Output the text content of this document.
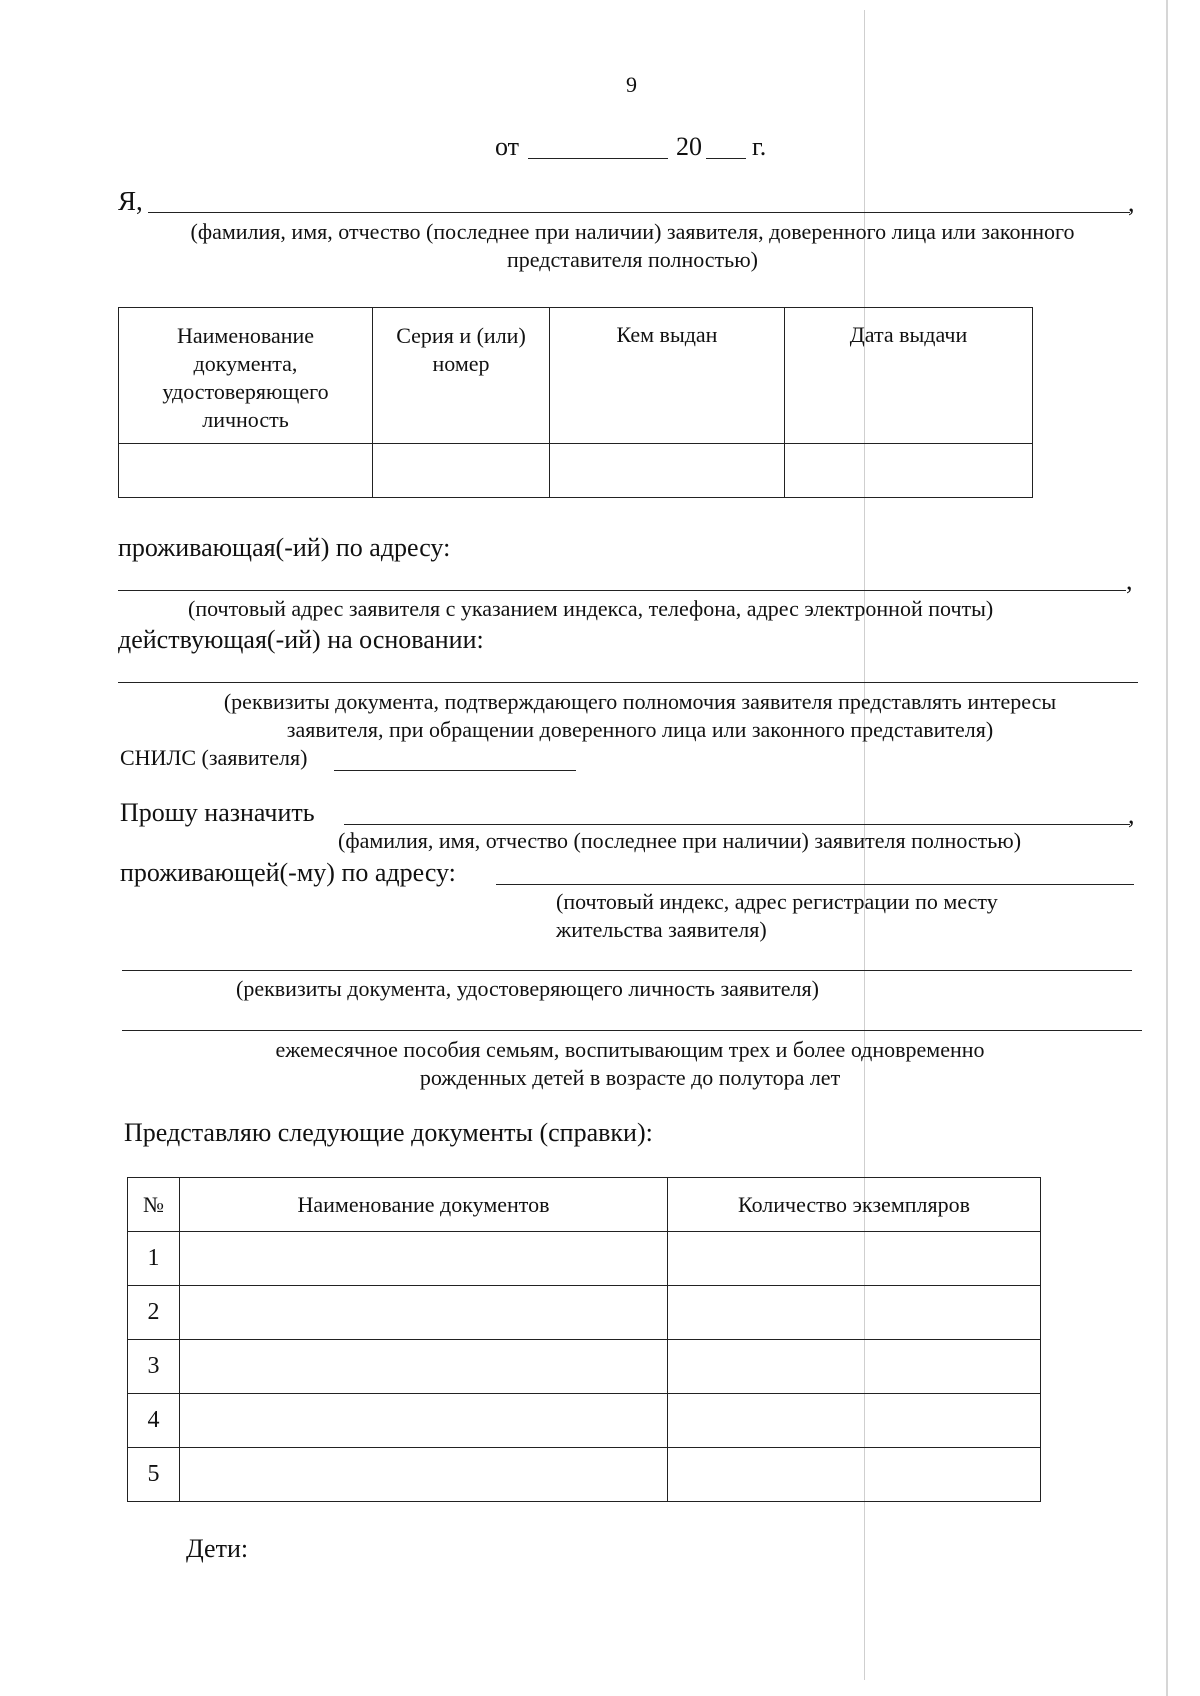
9
от	20 г.
Я,	,
(фамилия, имя, отчество (последнее при наличии) заявителя, доверенного лица или законного
представителя полностью)
Наименование документа, удостоверяющего личность	Серия и (или) номер	Кем выдан	Дата выдачи

проживающая(-ий) по адресу:
,
(почтовый адрес заявителя с указанием индекса, телефона, адрес электронной почты)
действующая(-ий) на основании:
(реквизиты документа, подтверждающего полномочия заявителя представлять интересы
заявителя, при обращении доверенного лица или законного представителя)
СНИЛС (заявителя)
Прошу назначить	,
(фамилия, имя, отчество (последнее при наличии) заявителя полностью)
проживающей(-му) по адресу:
(почтовый индекс, адрес регистрации по месту
жительства заявителя)
(реквизиты документа, удостоверяющего личность заявителя)
ежемесячное пособия семьям, воспитывающим трех и более одновременно
рожденных детей в возрасте до полутора лет
Представляю следующие документы (справки):
№	Наименование документов	Количество экземпляров
1		
2		
3		
4		
5		
Дети:
